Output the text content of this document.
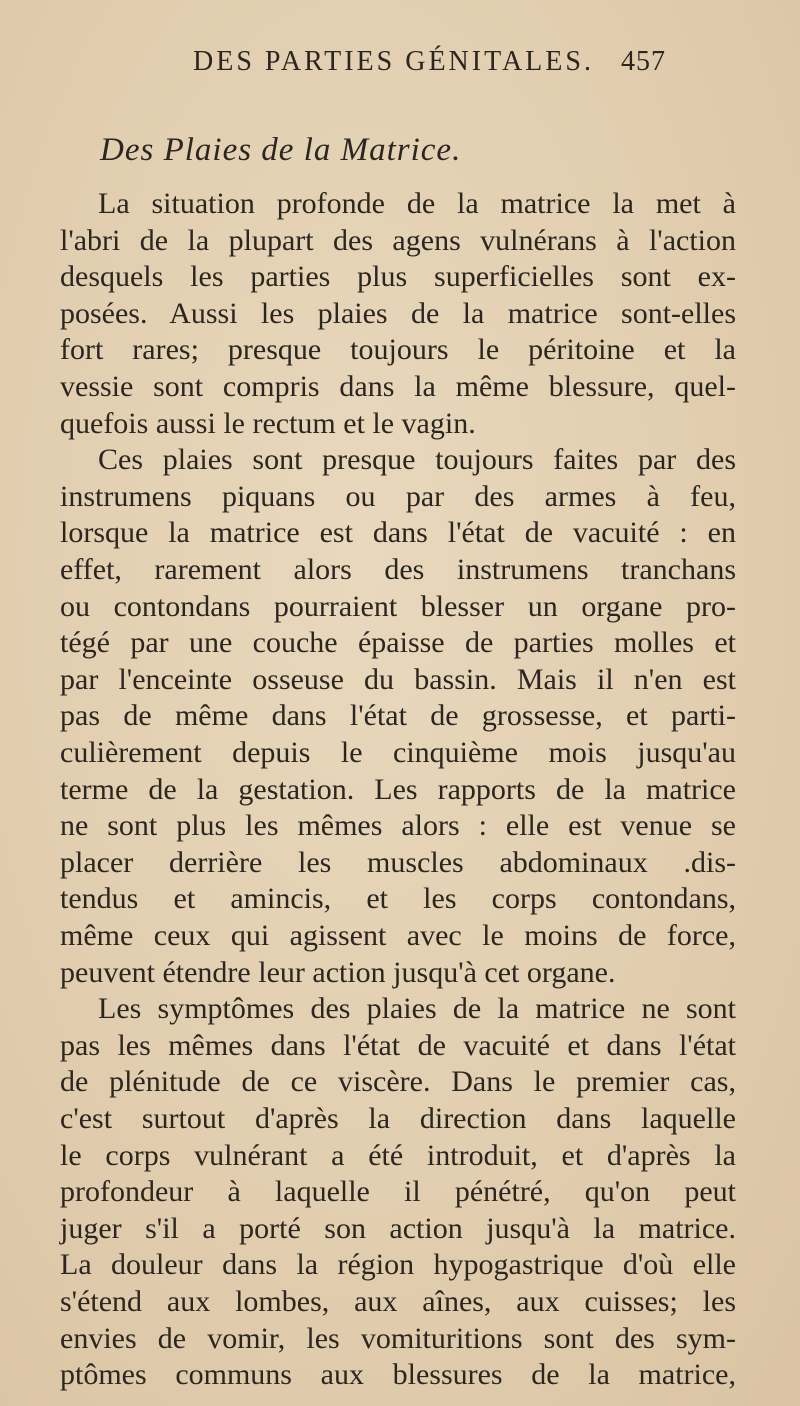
DES PARTIES GÉNITALES. 457
Des Plaies de la Matrice.
La situation profonde de la matrice la met à
l'abri de la plupart des agens vulnérans à l'action
desquels les parties plus superficielles sont ex-
posées. Aussi les plaies de la matrice sont-elles
fort rares; presque toujours le péritoine et la
vessie sont compris dans la même blessure, quel-
quefois aussi le rectum et le vagin.
Ces plaies sont presque toujours faites par des
instrumens piquans ou par des armes à feu,
lorsque la matrice est dans l'état de vacuité : en
effet, rarement alors des instrumens tranchans
ou contondans pourraient blesser un organe pro-
tégé par une couche épaisse de parties molles et
par l'enceinte osseuse du bassin. Mais il n'en est
pas de même dans l'état de grossesse, et parti-
culièrement depuis le cinquième mois jusqu'au
terme de la gestation. Les rapports de la matrice
ne sont plus les mêmes alors : elle est venue se
placer derrière les muscles abdominaux .dis-
tendus et amincis, et les corps contondans,
même ceux qui agissent avec le moins de force,
peuvent étendre leur action jusqu'à cet organe.
Les symptômes des plaies de la matrice ne sont
pas les mêmes dans l'état de vacuité et dans l'état
de plénitude de ce viscère. Dans le premier cas,
c'est surtout d'après la direction dans laquelle
le corps vulnérant a été introduit, et d'après la
profondeur à laquelle il pénétré, qu'on peut
juger s'il a porté son action jusqu'à la matrice.
La douleur dans la région hypogastrique d'où elle
s'étend aux lombes, aux aînes, aux cuisses; les
envies de vomir, les vomituritions sont des sym-
ptômes communs aux blessures de la matrice,
